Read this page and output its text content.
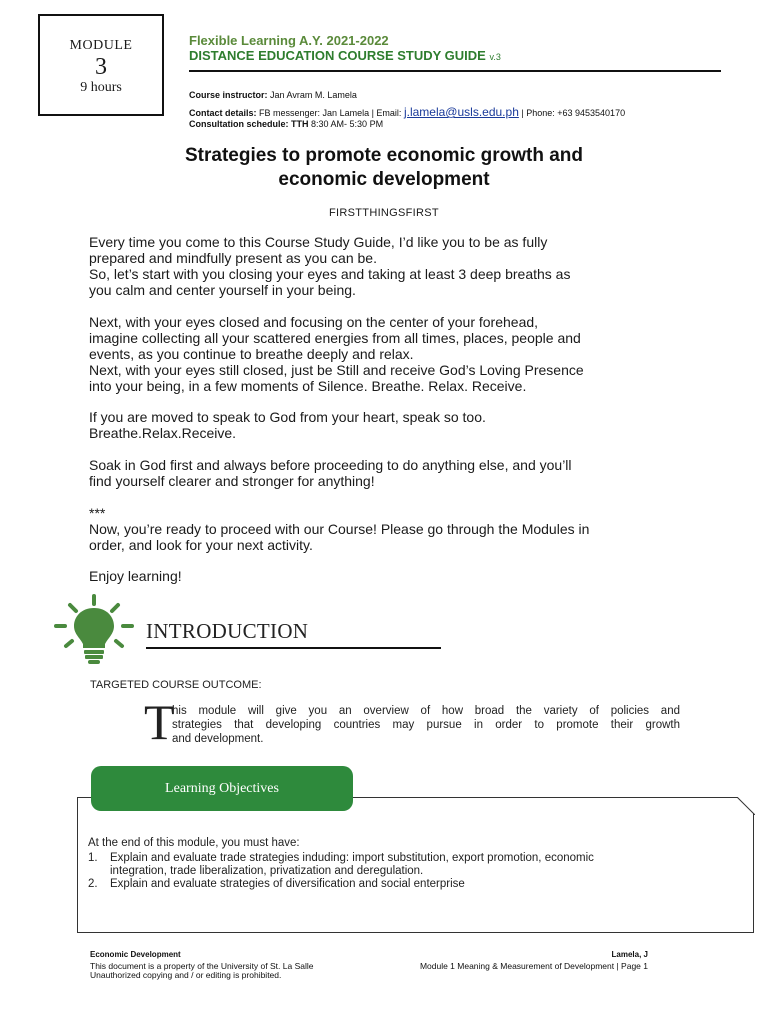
MODULE
3
9 hours
Flexible Learning A.Y. 2021-2022
DISTANCE EDUCATION COURSE STUDY GUIDE v.3
Course instructor: Jan Avram M. Lamela
Contact details: FB messenger: Jan Lamela | Email: j.lamela@usls.edu.ph | Phone: +63 9453540170
Consultation schedule: TTH 8:30 AM- 5:30 PM
Strategies to promote economic growth and
economic development
FIRSTTHINGSFIRST
Every time you come to this Course Study Guide, I’d like you to be as fully
prepared and mindfully present as you can be.
So, let’s start with you closing your eyes and taking at least 3 deep breaths as
you calm and center yourself in your being.
Next, with your eyes closed and focusing on the center of your forehead,
imagine collecting all your scattered energies from all times, places, people and
events, as you continue to breathe deeply and relax.
Next, with your eyes still closed, just be Still and receive God’s Loving Presence
into your being, in a few moments of Silence. Breathe. Relax. Receive.
If you are moved to speak to God from your heart, speak so too.
Breathe.Relax.Receive.
Soak in God first and always before proceeding to do anything else, and you’ll
find yourself clearer and stronger for anything!
***
Now, you’re ready to proceed with our Course! Please go through the Modules in
order, and look for your next activity.
Enjoy learning!
INTRODUCTION
TARGETED COURSE OUTCOME:
T
his module will give you an overview of how broad the variety of policies and
strategies that developing countries may pursue in order to promote their growth
and development.
Learning Objectives
At the end of this module, you must have:
1. Explain and evaluate trade strategies induding: import substitution, export promotion, economic
integration, trade liberalization, privatization and deregulation.
2. Explain and evaluate strategies of diversification and social enterprise
Economic Development
This document is a property of the University of St. La Salle
Unauthorized copying and / or editing is prohibited.
Lamela, J
Module 1 Meaning & Measurement of Development | Page 1
